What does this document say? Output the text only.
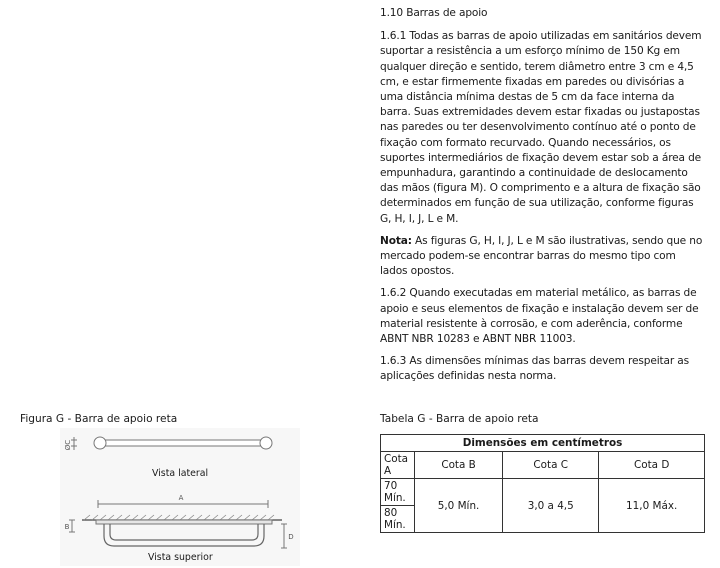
1.10 Barras de apoio

1.6.1 Todas as barras de apoio utilizadas em sanitários devem suportar a resistência a um esforço mínimo de 150 Kg em qualquer direção e sentido, terem diâmetro entre 3 cm e 4,5 cm, e estar firmemente fixadas em paredes ou divisórias a uma distância mínima destas de 5 cm da face interna da barra. Suas extremidades devem estar fixadas ou justapostas nas paredes ou ter desenvolvimento contínuo até o ponto de fixação com formato recurvado. Quando necessários, os suportes intermediários de fixação devem estar sob a área de empunhadura, garantindo a continuidade de deslocamento das mãos (figura M). O comprimento e a altura de fixação são determinados em função de sua utilização, conforme figuras G, H, I, J, L e M.

Nota: As figuras G, H, I, J, L e M são ilustrativas, sendo que no mercado podem-se encontrar barras do mesmo tipo com lados opostos.

1.6.2 Quando executadas em material metálico, as barras de apoio e seus elementos de fixação e instalação devem ser de material resistente à corrosão, e com aderência, conforme ABNT NBR 10283 e ABNT NBR 11003.

1.6.3 As dimensões mínimas das barras devem respeitar as aplicações definidas nesta norma.

Figura G - Barra de apoio reta
ØC
A
B
D
Vista lateral
Vista superior
Tabela G - Barra de apoio reta
Dimensões em centímetros			
Cota A	Cota B	Cota C	Cota D
70 Mín.	5,0 Mín.	3,0 a 4,5	11,0 Máx.
80 Mín.			
